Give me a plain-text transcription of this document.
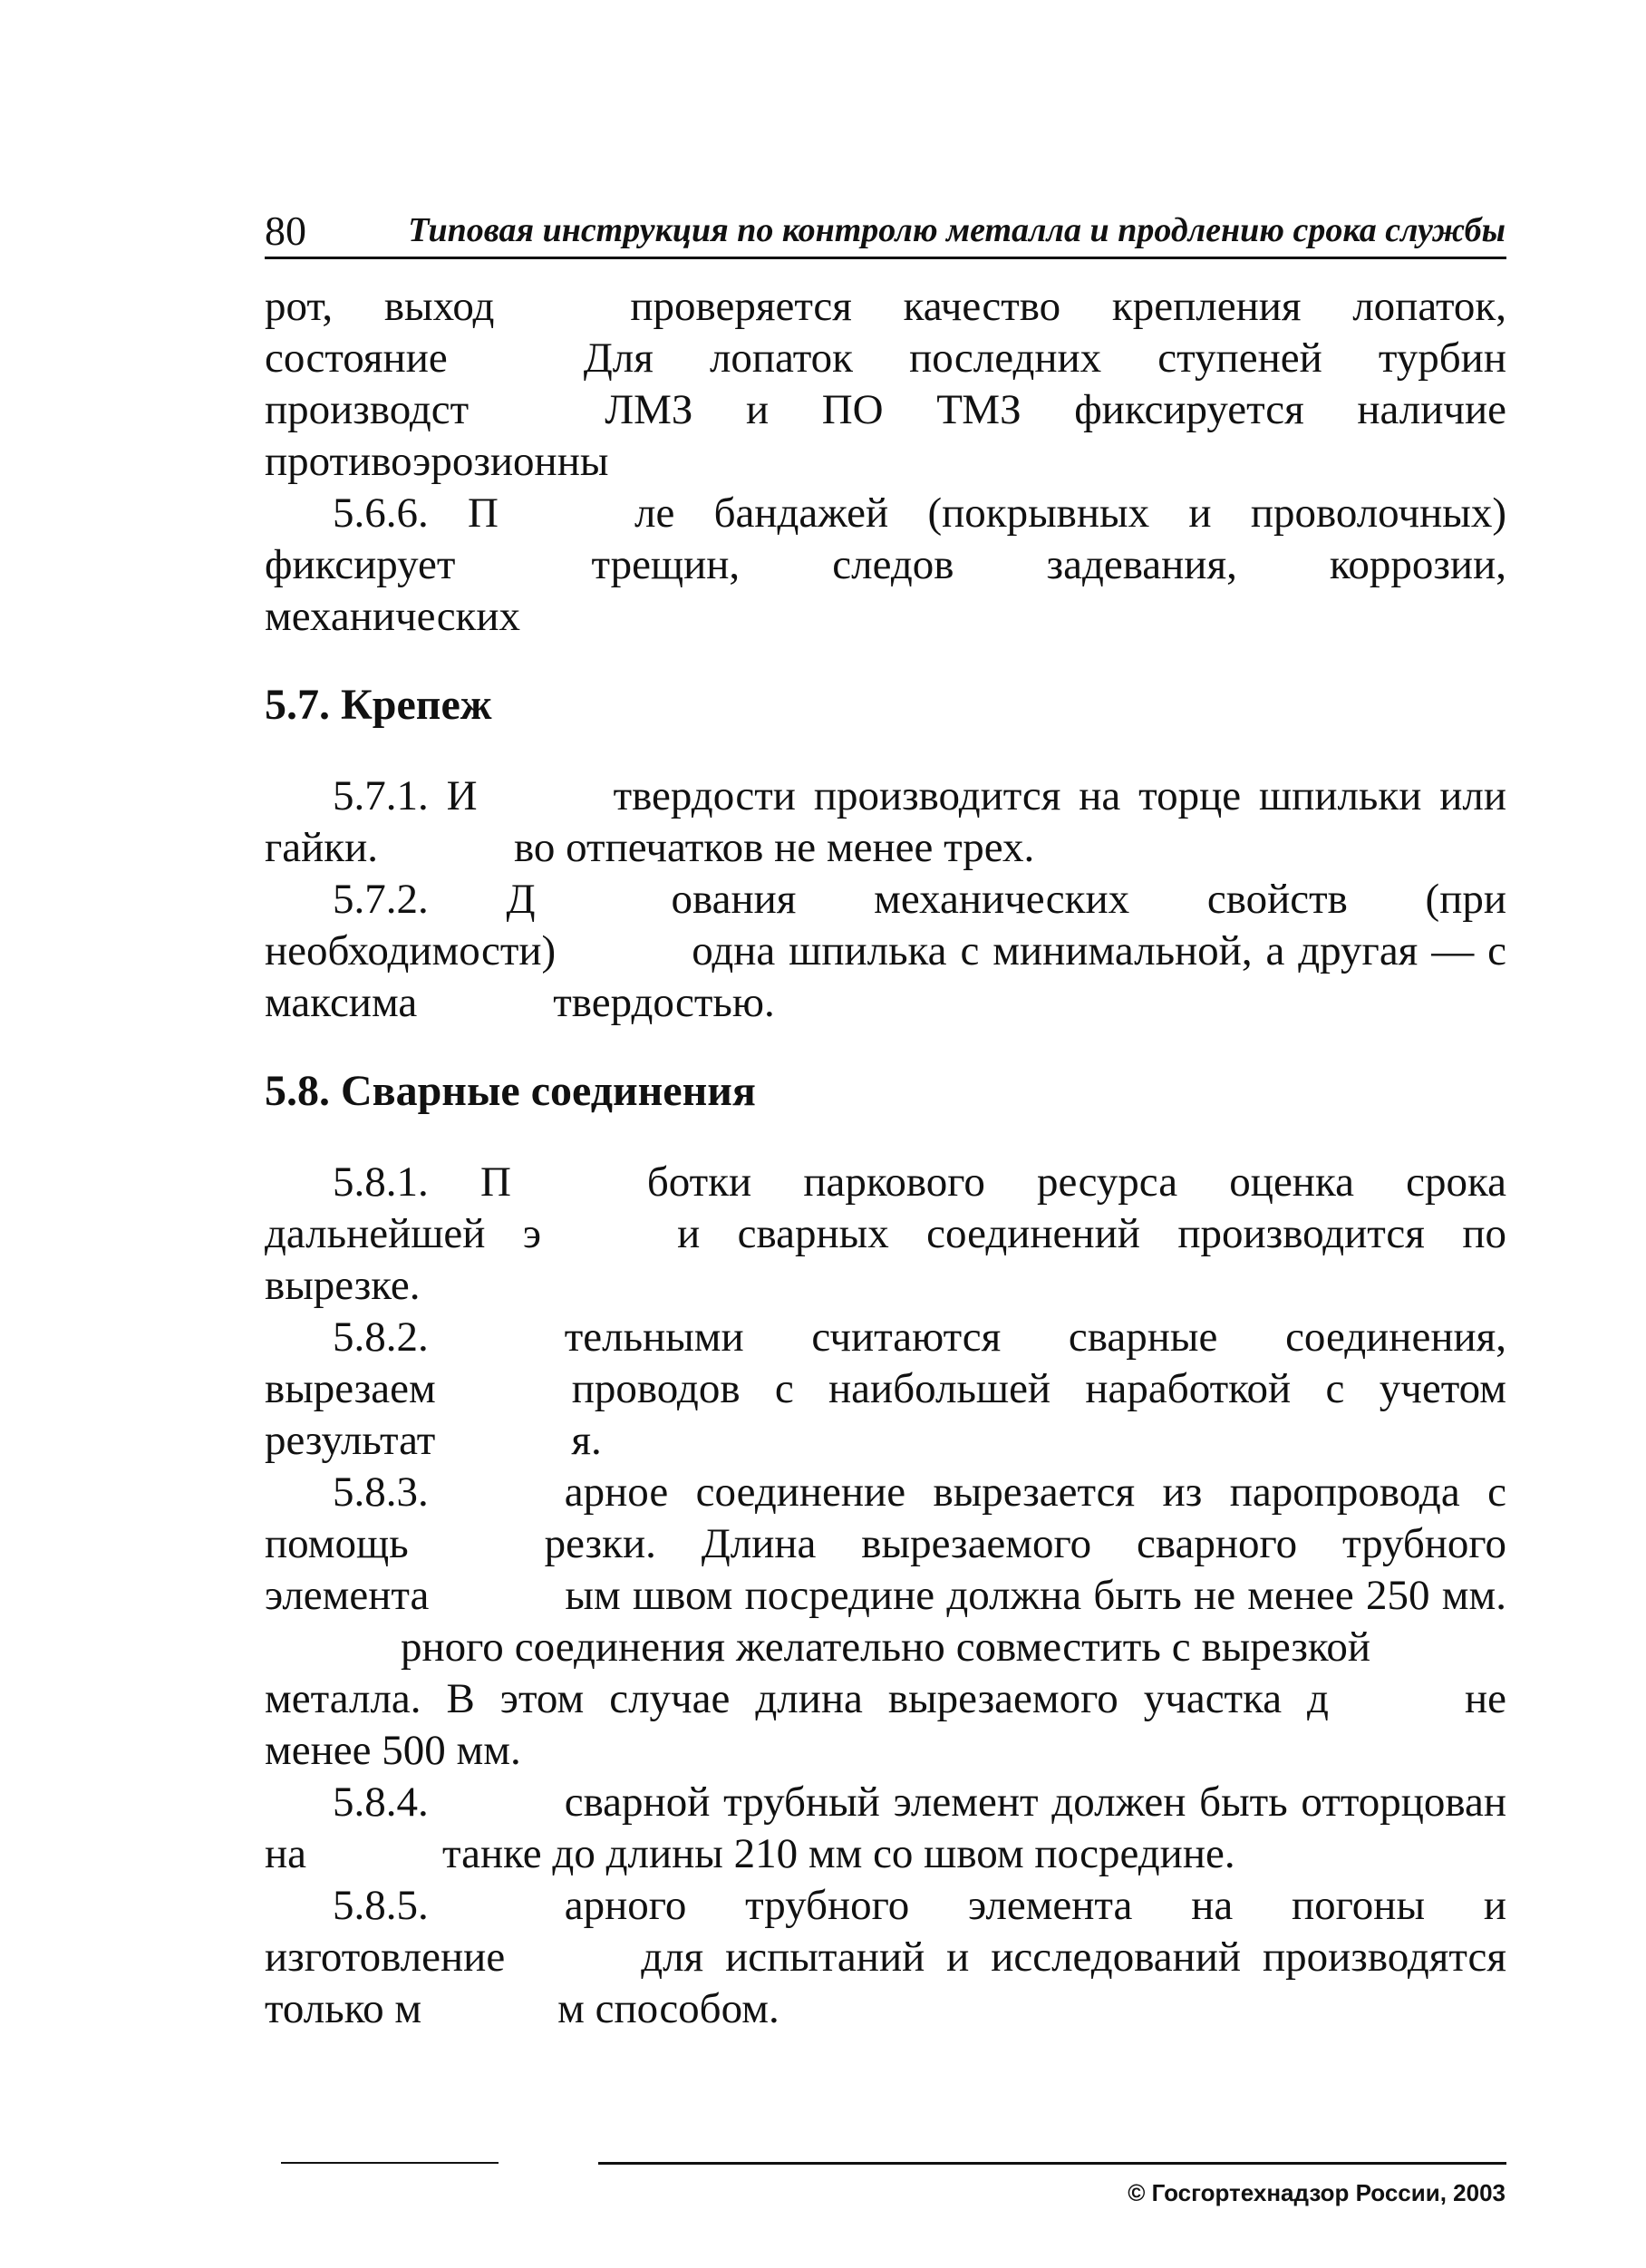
80	Типовая инструкция по контролю металла и продлению срока службы

рот, выход	проверяется качество крепления лопаток, состояние	Для лопаток последних ступеней турбин производст	ЛМЗ и ПО ТМЗ фиксируется наличие противоэрозионны

5.6.6. П	ле бандажей (покрывных и проволочных) фиксирует	трещин, следов задевания, коррозии, механических

5.7. Крепеж

5.7.1. И	твердости производится на торце шпильки или гайки.	во отпечатков не менее трех.

5.7.2. Д	ования механических свойств (при необходимости)	одна шпилька с минимальной, а другая — с максима	твердостью.

5.8. Сварные соединения

5.8.1. П	ботки паркового ресурса оценка срока дальнейшей э	и сварных соединений производится по вырезке.

5.8.2.	тельными считаются сварные соединения, вырезаем	проводов с наибольшей наработкой с учетом результат	я.

5.8.3.	арное соединение вырезается из паропровода с помощь	резки. Длина вырезаемого сварного трубного элемента	ым швом посредине должна быть не менее 250 мм.рного соединения желательно совместить с вырезкойметалла. В этом случае длина вырезаемого участка д	не менее 500 мм.

5.8.4.	сварной трубный элемент должен быть отторцован на	танке до длины 210 мм со швом посредине.

5.8.5.	арного трубного элемента на погоны и изготовление	для испытаний и исследований производятся только м	м способом.

© Госгортехнадзор России, 2003
